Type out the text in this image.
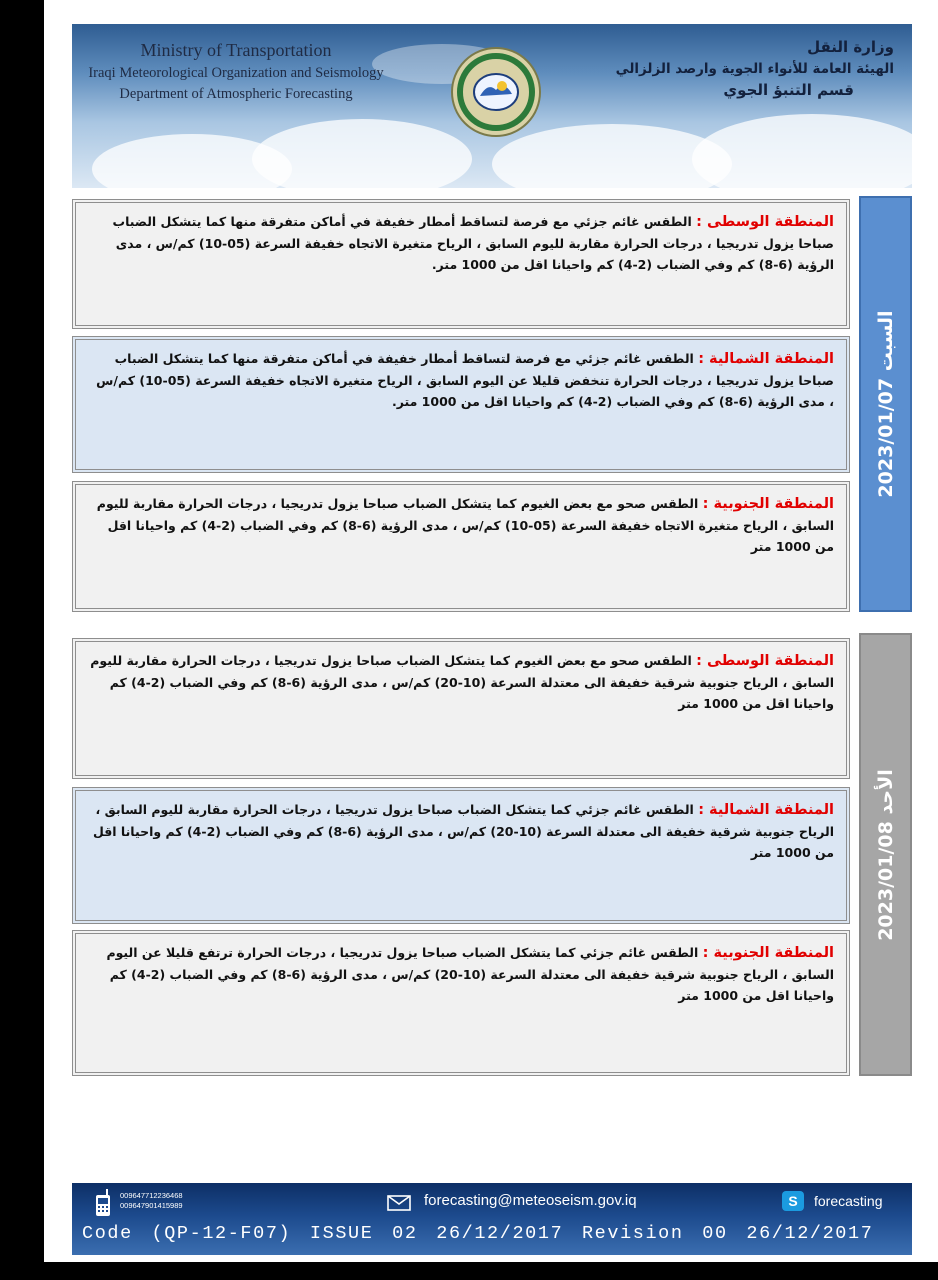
Ministry of Transportation
Iraqi Meteorological Organization and Seismology
Department of Atmospheric Forecasting
وزارة النقل
الهيئة العامة للأنواء الجوية وارصد الزلزالي
قسم التنبؤ الجوي
المنطقة الوسطى : الطقس غائم جزئي مع فرصة لتساقط أمطار خفيفة في أماكن متفرقة منها كما يتشكل الضباب صباحا يزول تدريجيا ، درجات الحرارة مقاربة لليوم السابق ، الرياح متغيرة الاتجاه خفيفة السرعة (05-10) كم/س ، مدى الرؤية (6-8) كم وفي الضباب (2-4) كم واحيانا اقل من 1000 متر.
المنطقة الشمالية : الطقس غائم جزئي مع فرصة لتساقط أمطار خفيفة في أماكن متفرقة منها كما يتشكل الضباب صباحا يزول تدريجيا ، درجات الحرارة تنخفض قليلا عن اليوم السابق ، الرياح متغيرة الاتجاه خفيفة السرعة (05-10) كم/س ، مدى الرؤية (6-8) كم وفي الضباب (2-4) كم واحيانا اقل من 1000 متر.
المنطقة الجنوبية : الطقس صحو مع بعض الغيوم كما يتشكل الضباب صباحا يزول تدريجيا ، درجات الحرارة مقاربة لليوم السابق ، الرياح متغيرة الاتجاه خفيفة السرعة (05-10) كم/س ، مدى الرؤية (6-8) كم وفي الضباب (2-4) كم واحيانا اقل من 1000 متر
2023/01/07 السبت
المنطقة الوسطى : الطقس صحو مع بعض الغيوم كما يتشكل الضباب صباحا يزول تدريجيا ، درجات الحرارة مقاربة لليوم السابق ، الرياح جنوبية شرقية خفيفة الى معتدلة السرعة (10-20) كم/س ، مدى الرؤية (6-8) كم وفي الضباب (2-4) كم واحيانا اقل من 1000 متر
المنطقة الشمالية : الطقس غائم جزئي كما يتشكل الضباب صباحا يزول تدريجيا ، درجات الحرارة مقاربة لليوم السابق ، الرياح جنوبية شرقية خفيفة الى معتدلة السرعة (10-20) كم/س ، مدى الرؤية (6-8) كم وفي الضباب (2-4) كم واحيانا اقل من 1000 متر
المنطقة الجنوبية : الطقس غائم جزئي كما يتشكل الضباب صباحا يزول تدريجيا ، درجات الحرارة ترتفع قليلا عن اليوم السابق ، الرياح جنوبية شرقية خفيفة الى معتدلة السرعة (10-20) كم/س ، مدى الرؤية (6-8) كم وفي الضباب (2-4) كم واحيانا اقل من 1000 متر
2023/01/08 الأحد
009647712236468
009647901415989	forecasting@meteoseism.gov.iq	S	forecasting
Code (QP-12-F07) ISSUE 02 26/12/2017 Revision 00 26/12/2017
